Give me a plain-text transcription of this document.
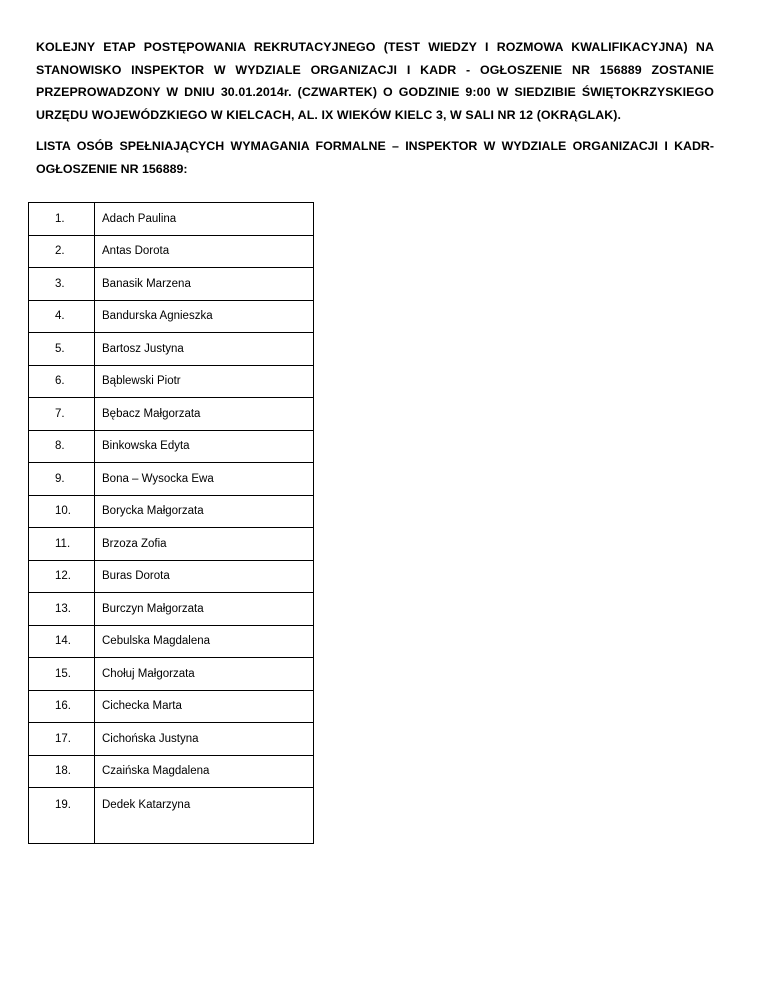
KOLEJNY ETAP POSTĘPOWANIA REKRUTACYJNEGO (TEST WIEDZY I ROZMOWA KWALIFIKACYJNA) NA STANOWISKO INSPEKTOR W WYDZIALE ORGANIZACJI I KADR - OGŁOSZENIE NR 156889 ZOSTANIE PRZEPROWADZONY W DNIU 30.01.2014r. (CZWARTEK) O GODZINIE 9:00 W SIEDZIBIE ŚWIĘTOKRZYSKIEGO URZĘDU WOJEWÓDZKIEGO W KIELCACH, AL. IX WIEKÓW KIELC 3, W SALI NR 12 (OKRĄGLAK).

LISTA OSÓB SPEŁNIAJĄCYCH WYMAGANIA FORMALNE – INSPEKTOR W WYDZIALE ORGANIZACJI I KADR-OGŁOSZENIE NR 156889:

1.	Adach Paulina
2.	Antas Dorota
3.	Banasik Marzena
4.	Bandurska Agnieszka
5.	Bartosz Justyna
6.	Bąblewski Piotr
7.	Bębacz Małgorzata
8.	Binkowska Edyta
9.	Bona – Wysocka Ewa
10.	Borycka Małgorzata
11.	Brzoza Zofia
12.	Buras Dorota
13.	Burczyn Małgorzata
14.	Cebulska Magdalena
15.	Chołuj Małgorzata
16.	Cichecka Marta
17.	Cichońska Justyna
18.	Czaińska Magdalena
19.	Dedek Katarzyna
